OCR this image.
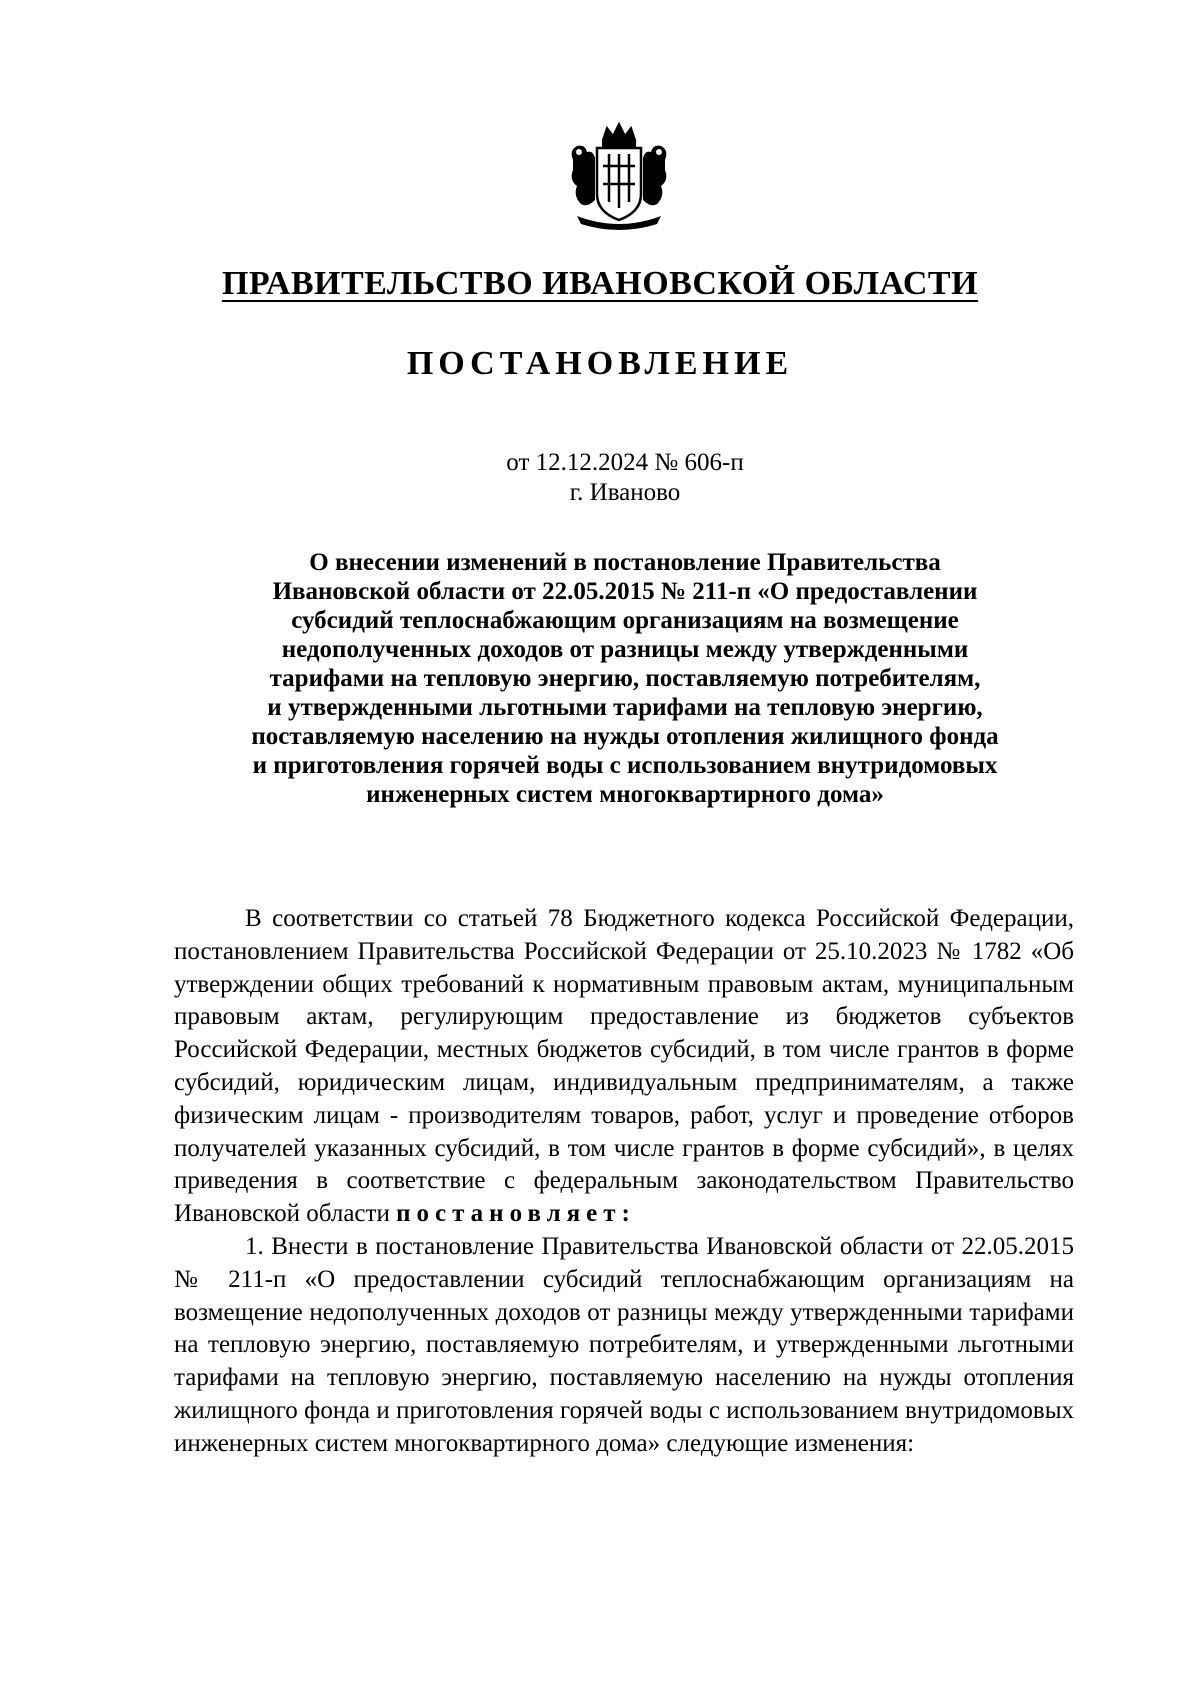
ПРАВИТЕЛЬСТВО ИВАНОВСКОЙ ОБЛАСТИ
ПОСТАНОВЛЕНИЕ
от 12.12.2024 № 606-п
г. Иваново
О внесении изменений в постановление Правительства
Ивановской области от 22.05.2015 № 211-п «О предоставлении
субсидий теплоснабжающим организациям на возмещение
недополученных доходов от разницы между утвержденными
тарифами на тепловую энергию, поставляемую потребителям,
и утвержденными льготными тарифами на тепловую энергию,
поставляемую населению на нужды отопления жилищного фонда
и приготовления горячей воды с использованием внутридомовых
инженерных систем многоквартирного дома»

В соответствии со статьей 78 Бюджетного кодекса Российской Федерации, постановлением Правительства Российской Федерации от 25.10.2023 № 1782 «Об утверждении общих требований к нормативным правовым актам, муниципальным правовым актам, регулирующим предоставление из бюджетов субъектов Российской Федерации, местных бюджетов субсидий, в том числе грантов в форме субсидий, юридическим лицам, индивидуальным предпринимателям, а также физическим лицам - производителям товаров, работ, услуг и проведение отборов получателей указанных субсидий, в том числе грантов в форме субсидий», в целях приведения в соответствие с федеральным законодательством Правительство Ивановской области постановляет:

1. Внести в постановление Правительства Ивановской области от 22.05.2015 № 211-п «О предоставлении субсидий теплоснабжающим организациям на возмещение недополученных доходов от разницы между утвержденными тарифами на тепловую энергию, поставляемую потребителям, и утвержденными льготными тарифами на тепловую энергию, поставляемую населению на нужды отопления жилищного фонда и приготовления горячей воды с использованием внутридомовых инженерных систем многоквартирного дома» следующие изменения:
